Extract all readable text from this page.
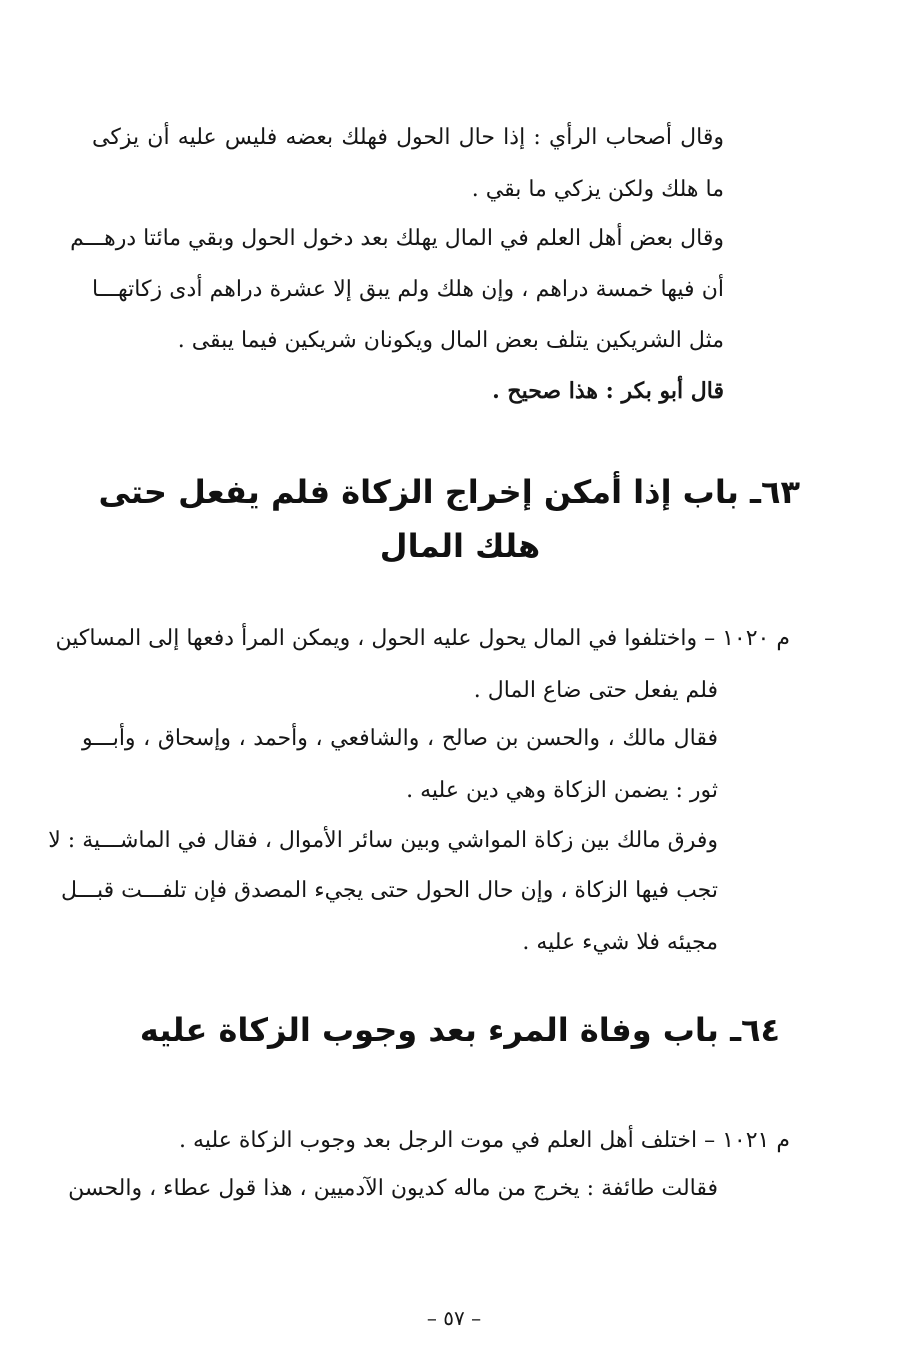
وقال أصحاب الرأي : إذا حال الحول فهلك بعضه فليس عليه أن يزكى
ما هلك ولكن يزكي ما بقي .
وقال بعض أهل العلم في المال يهلك بعد دخول الحول وبقي مائتا درهـــم
أن فيها خمسة دراهم ، وإن هلك ولم يبق إلا عشرة دراهم أدى زكاتهـــا
مثل الشريكين يتلف بعض المال ويكونان شريكين فيما يبقى .
قال أبو بكر : هذا صحيح .
٦٣ـ باب إذا أمكن إخراج الزكاة فلم يفعل حتى
هلك المال
م ١٠٢٠ – واختلفوا في المال يحول عليه الحول ، ويمكن المرأ دفعها إلى المساكين
فلم يفعل حتى ضاع المال .
فقال مالك ، والحسن بن صالح ، والشافعي ، وأحمد ، وإسحاق ، وأبـــو
ثور : يضمن الزكاة وهي دين عليه .
وفرق مالك بين زكاة المواشي وبين سائر الأموال ، فقال في الماشـــية : لا
تجب فيها الزكاة ، وإن حال الحول حتى يجيء المصدق فإن تلفـــت قبـــل
مجيئه فلا شيء عليه .
٦٤ـ باب وفاة المرء بعد وجوب الزكاة عليه
م ١٠٢١ – اختلف أهل العلم في موت الرجل بعد وجوب الزكاة عليه .
فقالت طائفة : يخرج من ماله كديون الآدميين ، هذا قول عطاء ، والحسن
– ٥٧ –
